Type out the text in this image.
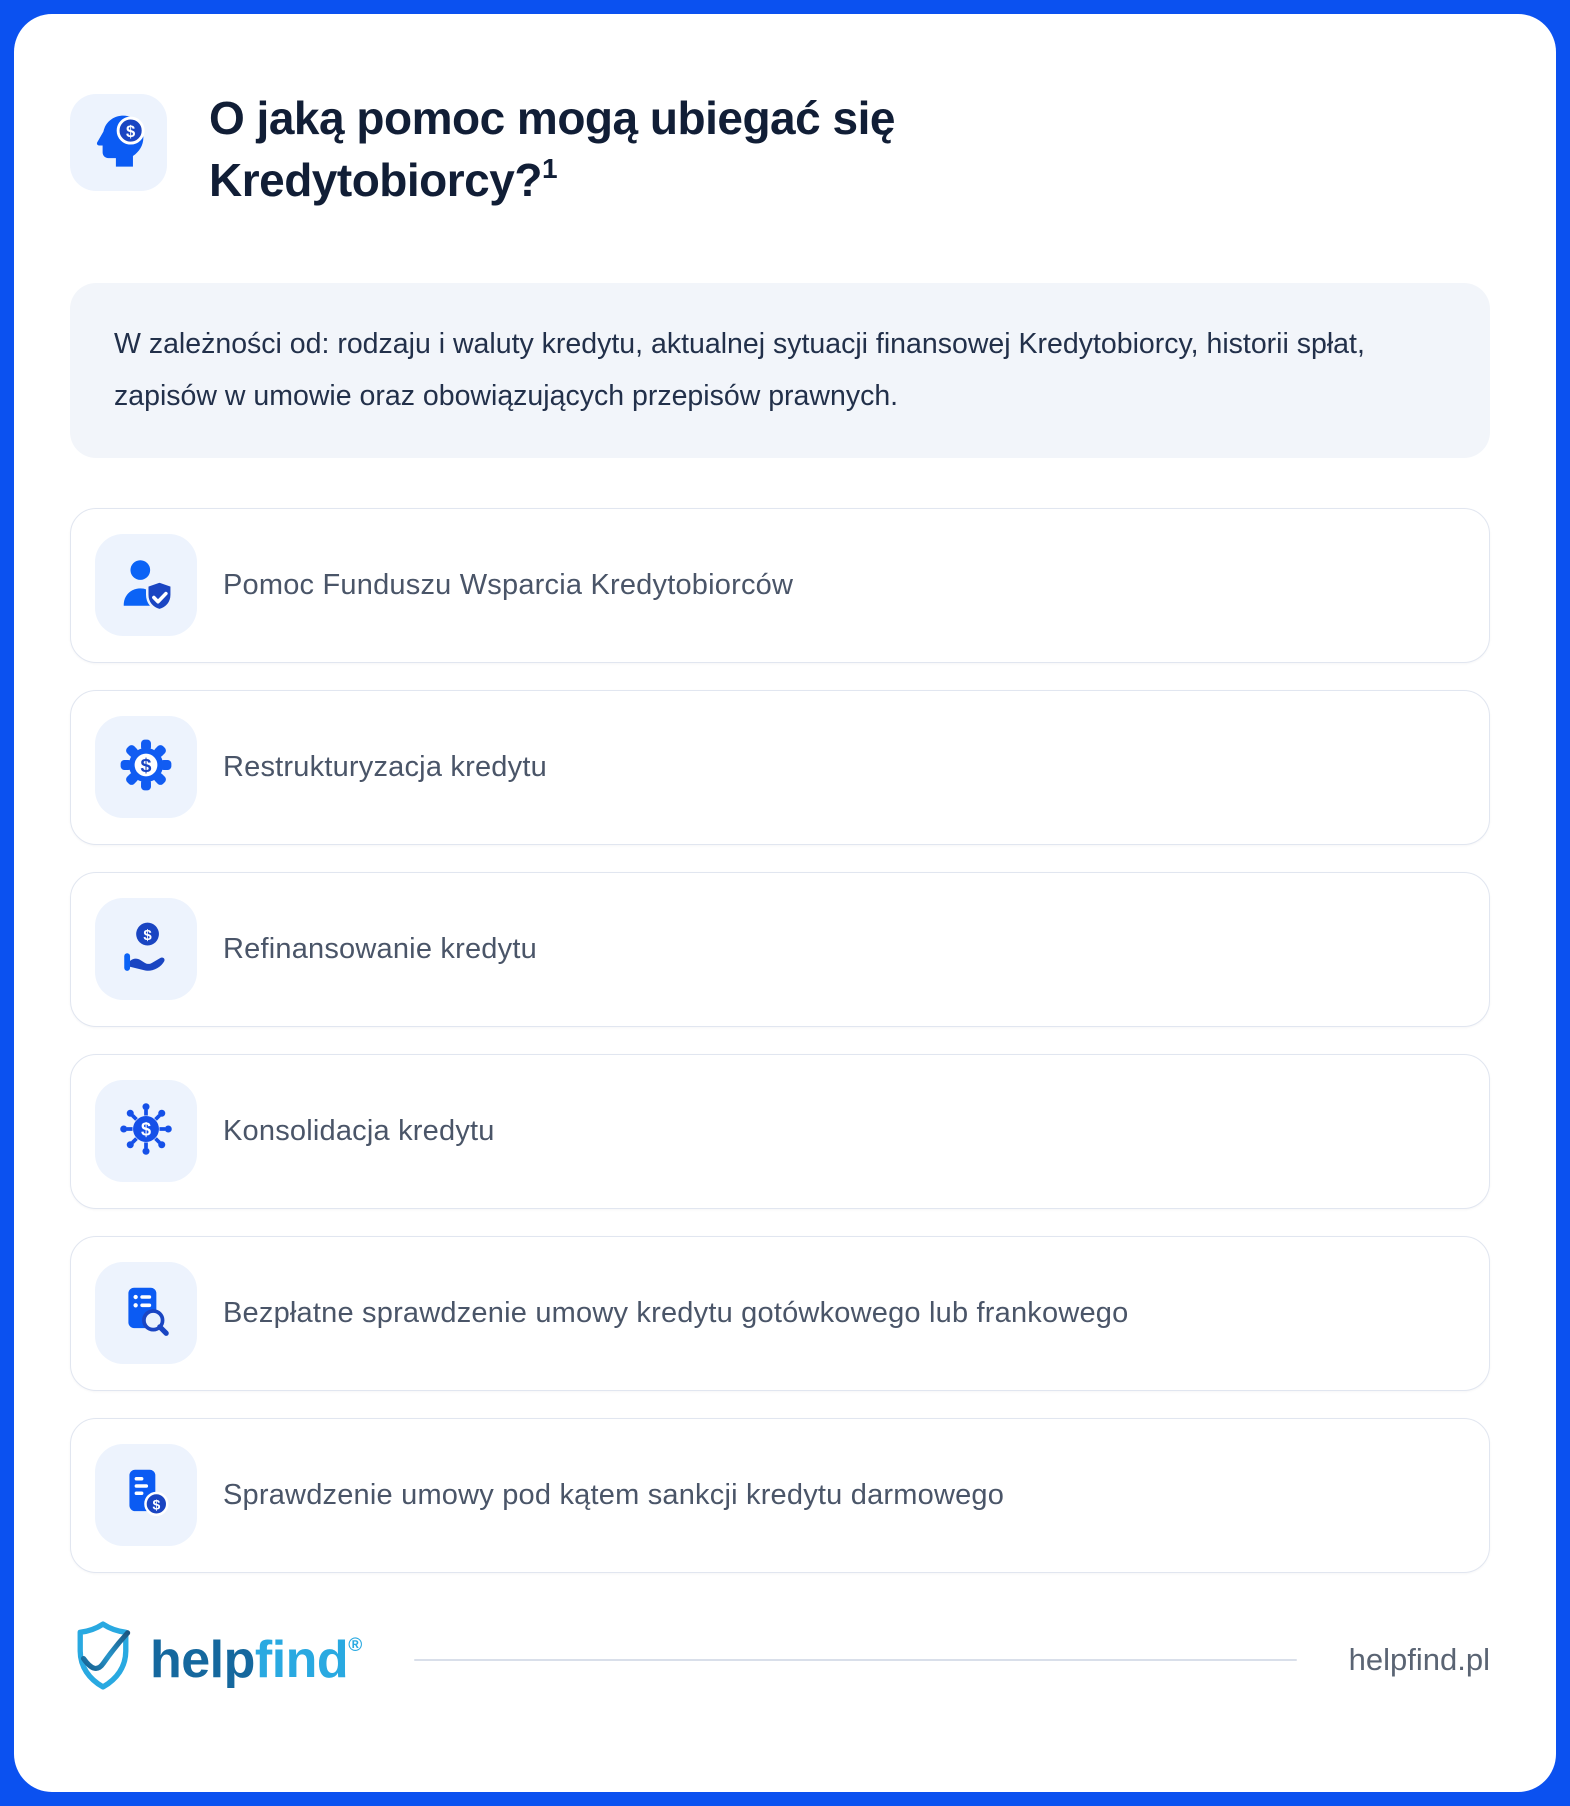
$ O jaką pomoc mogą ubiegać się Kredytobiorcy?$^1$
W zależności od: rodzaju i waluty kredytu, aktualnej sytuacji finansowej Kredytobiorcy, historii spłat, zapisów w umowie oraz obowiązujących przepisów prawnych.
Pomoc Funduszu Wsparcia Kredytobiorców
$ Restrukturyzacja kredytu
$ Refinansowanie kredytu
$ Konsolidacja kredytu
Bezpłatne sprawdzenie umowy kredytu gotówkowego lub frankowego
$ Sprawdzenie umowy pod kątem sankcji kredytu darmowego
helpfind®	helpfind.pl
